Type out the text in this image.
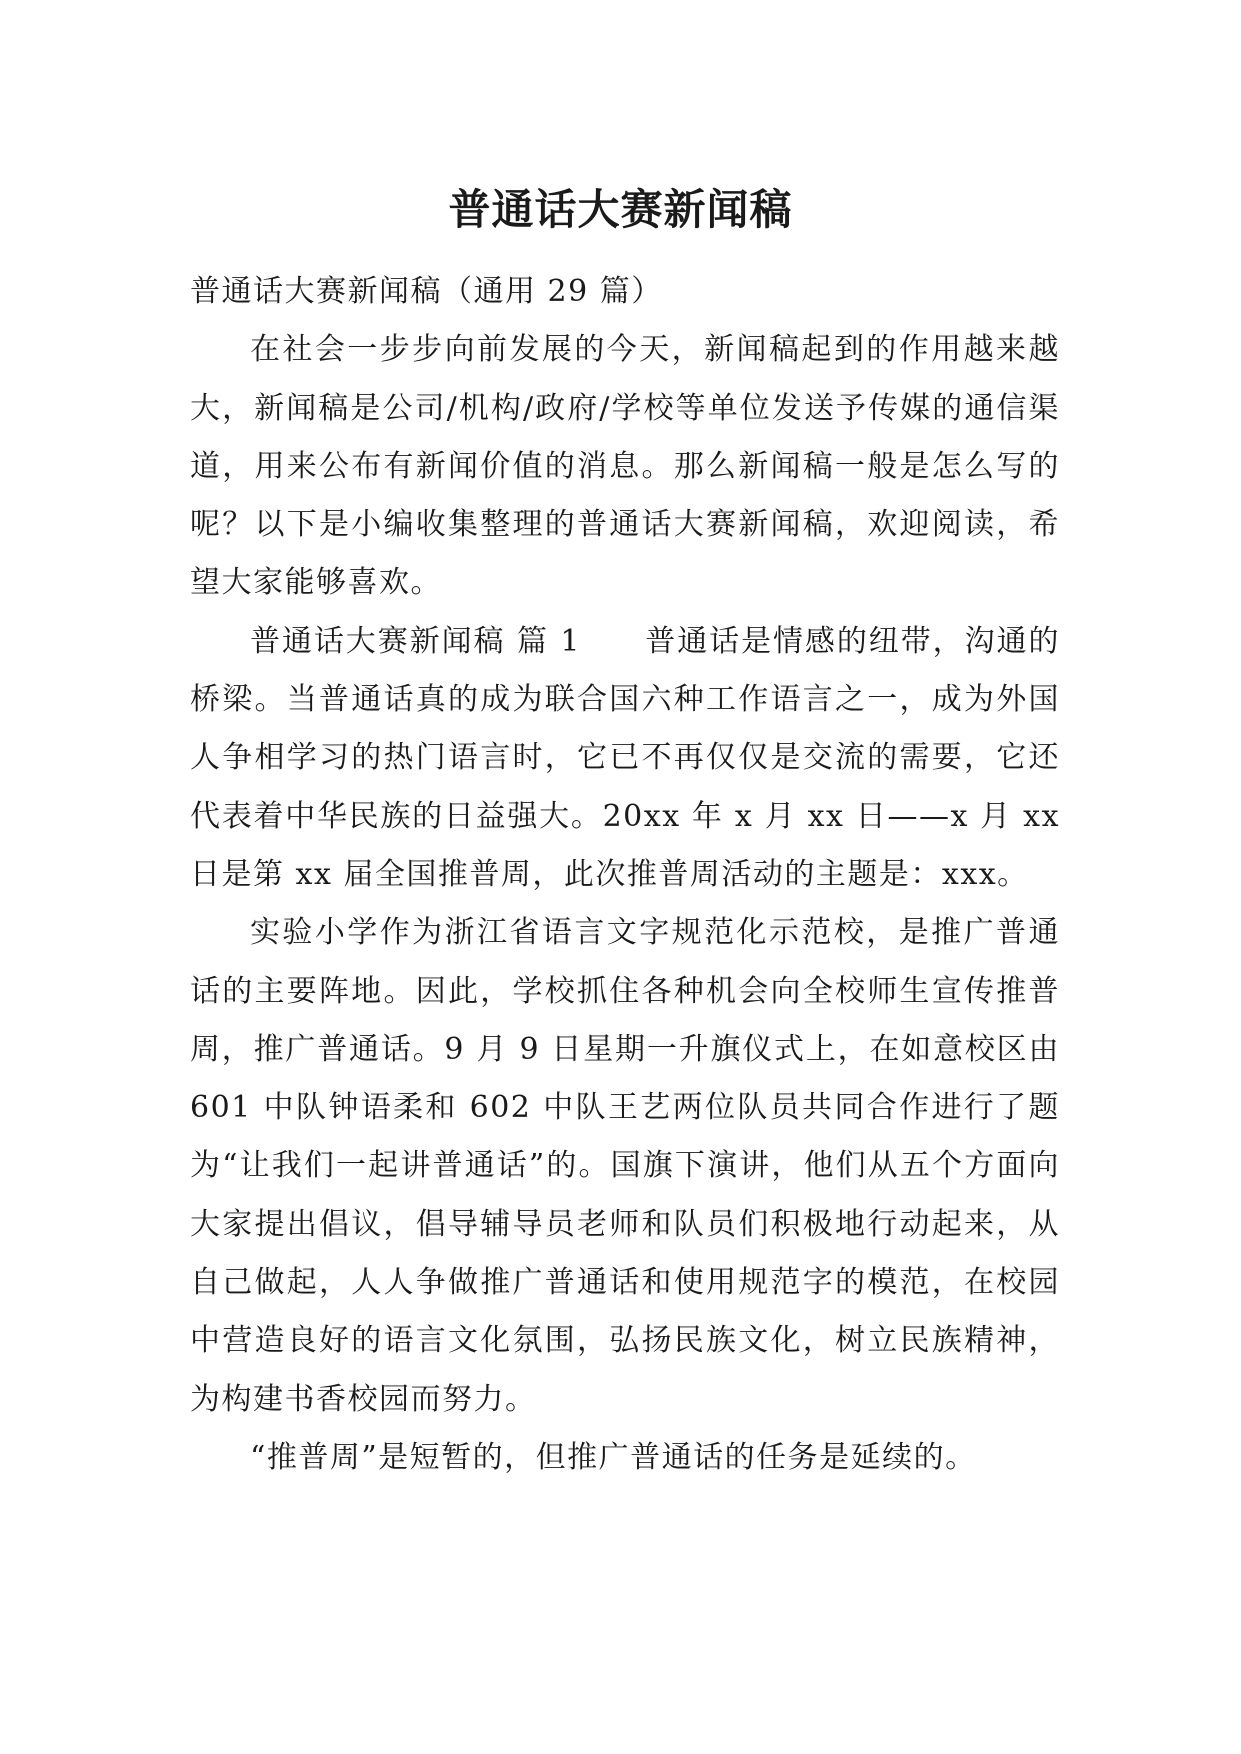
普通话大赛新闻稿

普通话大赛新闻稿（通用 29 篇）

在社会一步步向前发展的今天，新闻稿起到的作用越来越大，新闻稿是公司/机构/政府/学校等单位发送予传媒的通信渠道，用来公布有新闻价值的消息。那么新闻稿一般是怎么写的呢？以下是小编收集整理的普通话大赛新闻稿，欢迎阅读，希望大家能够喜欢。

普通话大赛新闻稿 篇 1　　普通话是情感的纽带，沟通的桥梁。当普通话真的成为联合国六种工作语言之一，成为外国人争相学习的热门语言时，它已不再仅仅是交流的需要，它还代表着中华民族的日益强大。20xx 年 x 月 xx 日——x 月 xx 日是第 xx 届全国推普周，此次推普周活动的主题是：xxx。

实验小学作为浙江省语言文字规范化示范校，是推广普通话的主要阵地。因此，学校抓住各种机会向全校师生宣传推普周，推广普通话。9 月 9 日星期一升旗仪式上，在如意校区由 601 中队钟语柔和 602 中队王艺两位队员共同合作进行了题为“让我们一起讲普通话”的。国旗下演讲，他们从五个方面向大家提出倡议，倡导辅导员老师和队员们积极地行动起来，从自己做起，人人争做推广普通话和使用规范字的模范，在校园中营造良好的语言文化氛围，弘扬民族文化，树立民族精神，为构建书香校园而努力。

“推普周”是短暂的，但推广普通话的任务是延续的。
